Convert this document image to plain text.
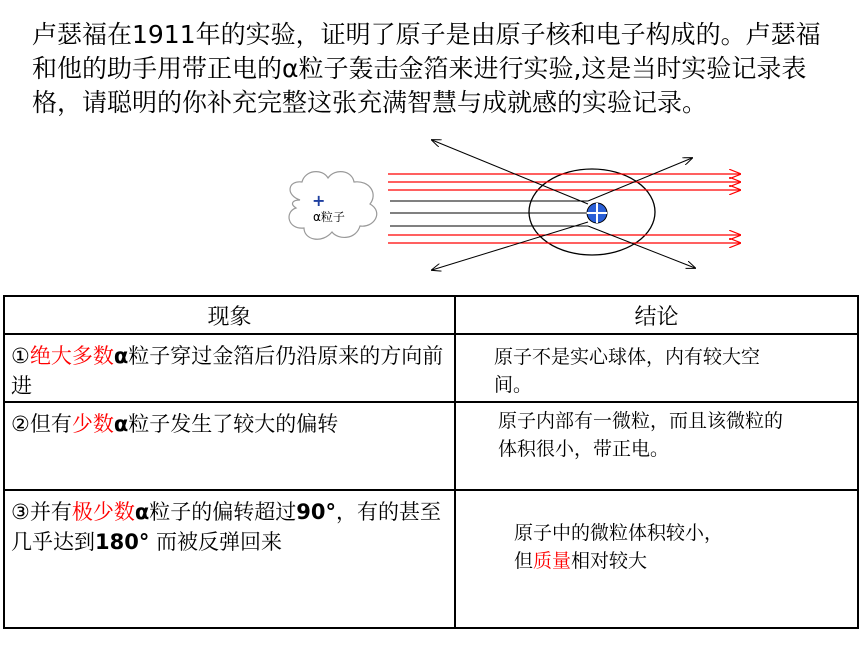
卢瑟福在1911年的实验，证明了原子是由原子核和电子构成的。卢瑟福和他的助手用带正电的α粒子轰击金箔来进行实验,这是当时实验记录表格，请聪明的你补充完整这张充满智慧与成就感的实验记录。
+
α粒子
现象	结论
①绝大多数α粒子穿过金箔后仍沿原来的方向前进	原子不是实心球体，内有较大空间。

②但有少数α粒子发生了较大的偏转	原子内部有一微粒，而且该微粒的体积很小，带正电。

③并有极少数α粒子的偏转超过90°，有的甚至几乎达到180° 而被反弹回来	原子中的微粒体积较小，
但质量相对较大
